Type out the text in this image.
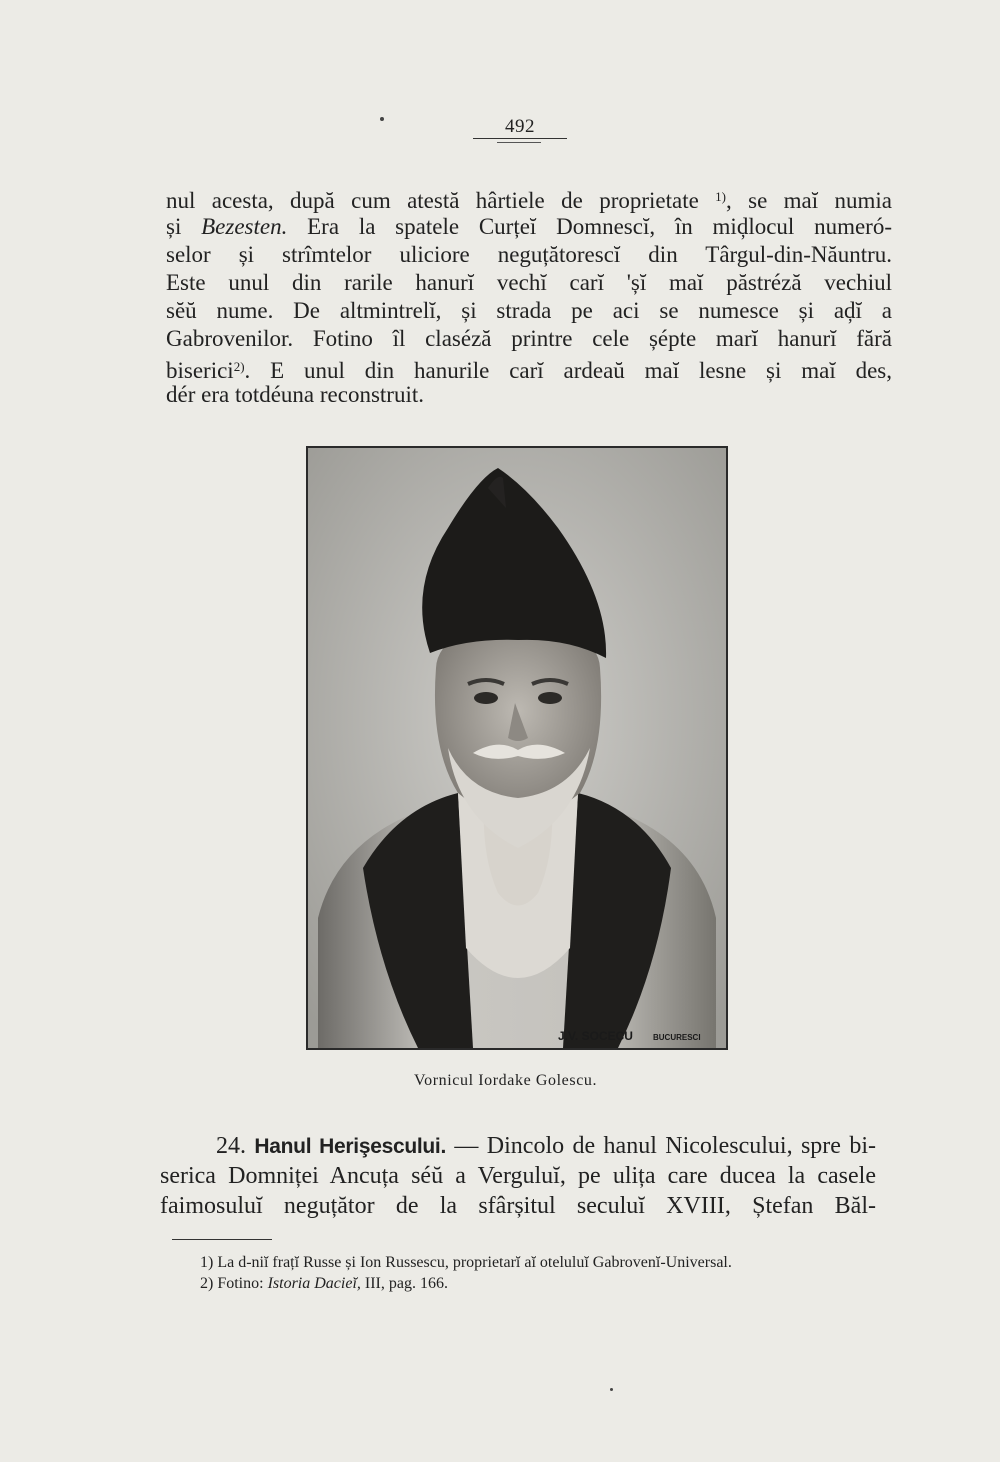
492
nul acesta, după cum atestă hârtiele de proprietate $^{1)}$, se maĭ numia
și Bezesten. Era la spatele Curțeĭ Domnescĭ, în miḑlocul numeró-
selor și strîmtelor uliciore neguțătorescĭ din Târgul-din-Năuntru.
Este unul din rarile hanurĭ vechĭ carĭ 'șĭ maĭ păstréză vechiul
sĕŭ nume. De altmintrelĭ, și strada pe aci se numesce și aḑĭ a
Gabrovenilor. Fotino îl claséză printre cele șépte marĭ hanurĭ fără
biserici$^{2)}$. E unul din hanurile carĭ ardeaŭ maĭ lesne și maĭ des,
dér era totdéuna reconstruit.
J.V. SOCECU	BUCURESCI
Vornicul Iordake Golescu.
24. Hanul Herişescului. — Dincolo de hanul Nicolescului, spre bi-
serica Domniței Ancuța séŭ a Verguluĭ, pe ulița care ducea la casele
faimosuluĭ neguțător de la sfârșitul seculuĭ XVIII, Ștefan Băl-
1) La d-niĭ frațĭ Russe și Ion Russescu, proprietarĭ aĭ oteluluĭ Gabrovenĭ-Universal.
2) Fotino: Istoria Dacieĭ, III, pag. 166.
